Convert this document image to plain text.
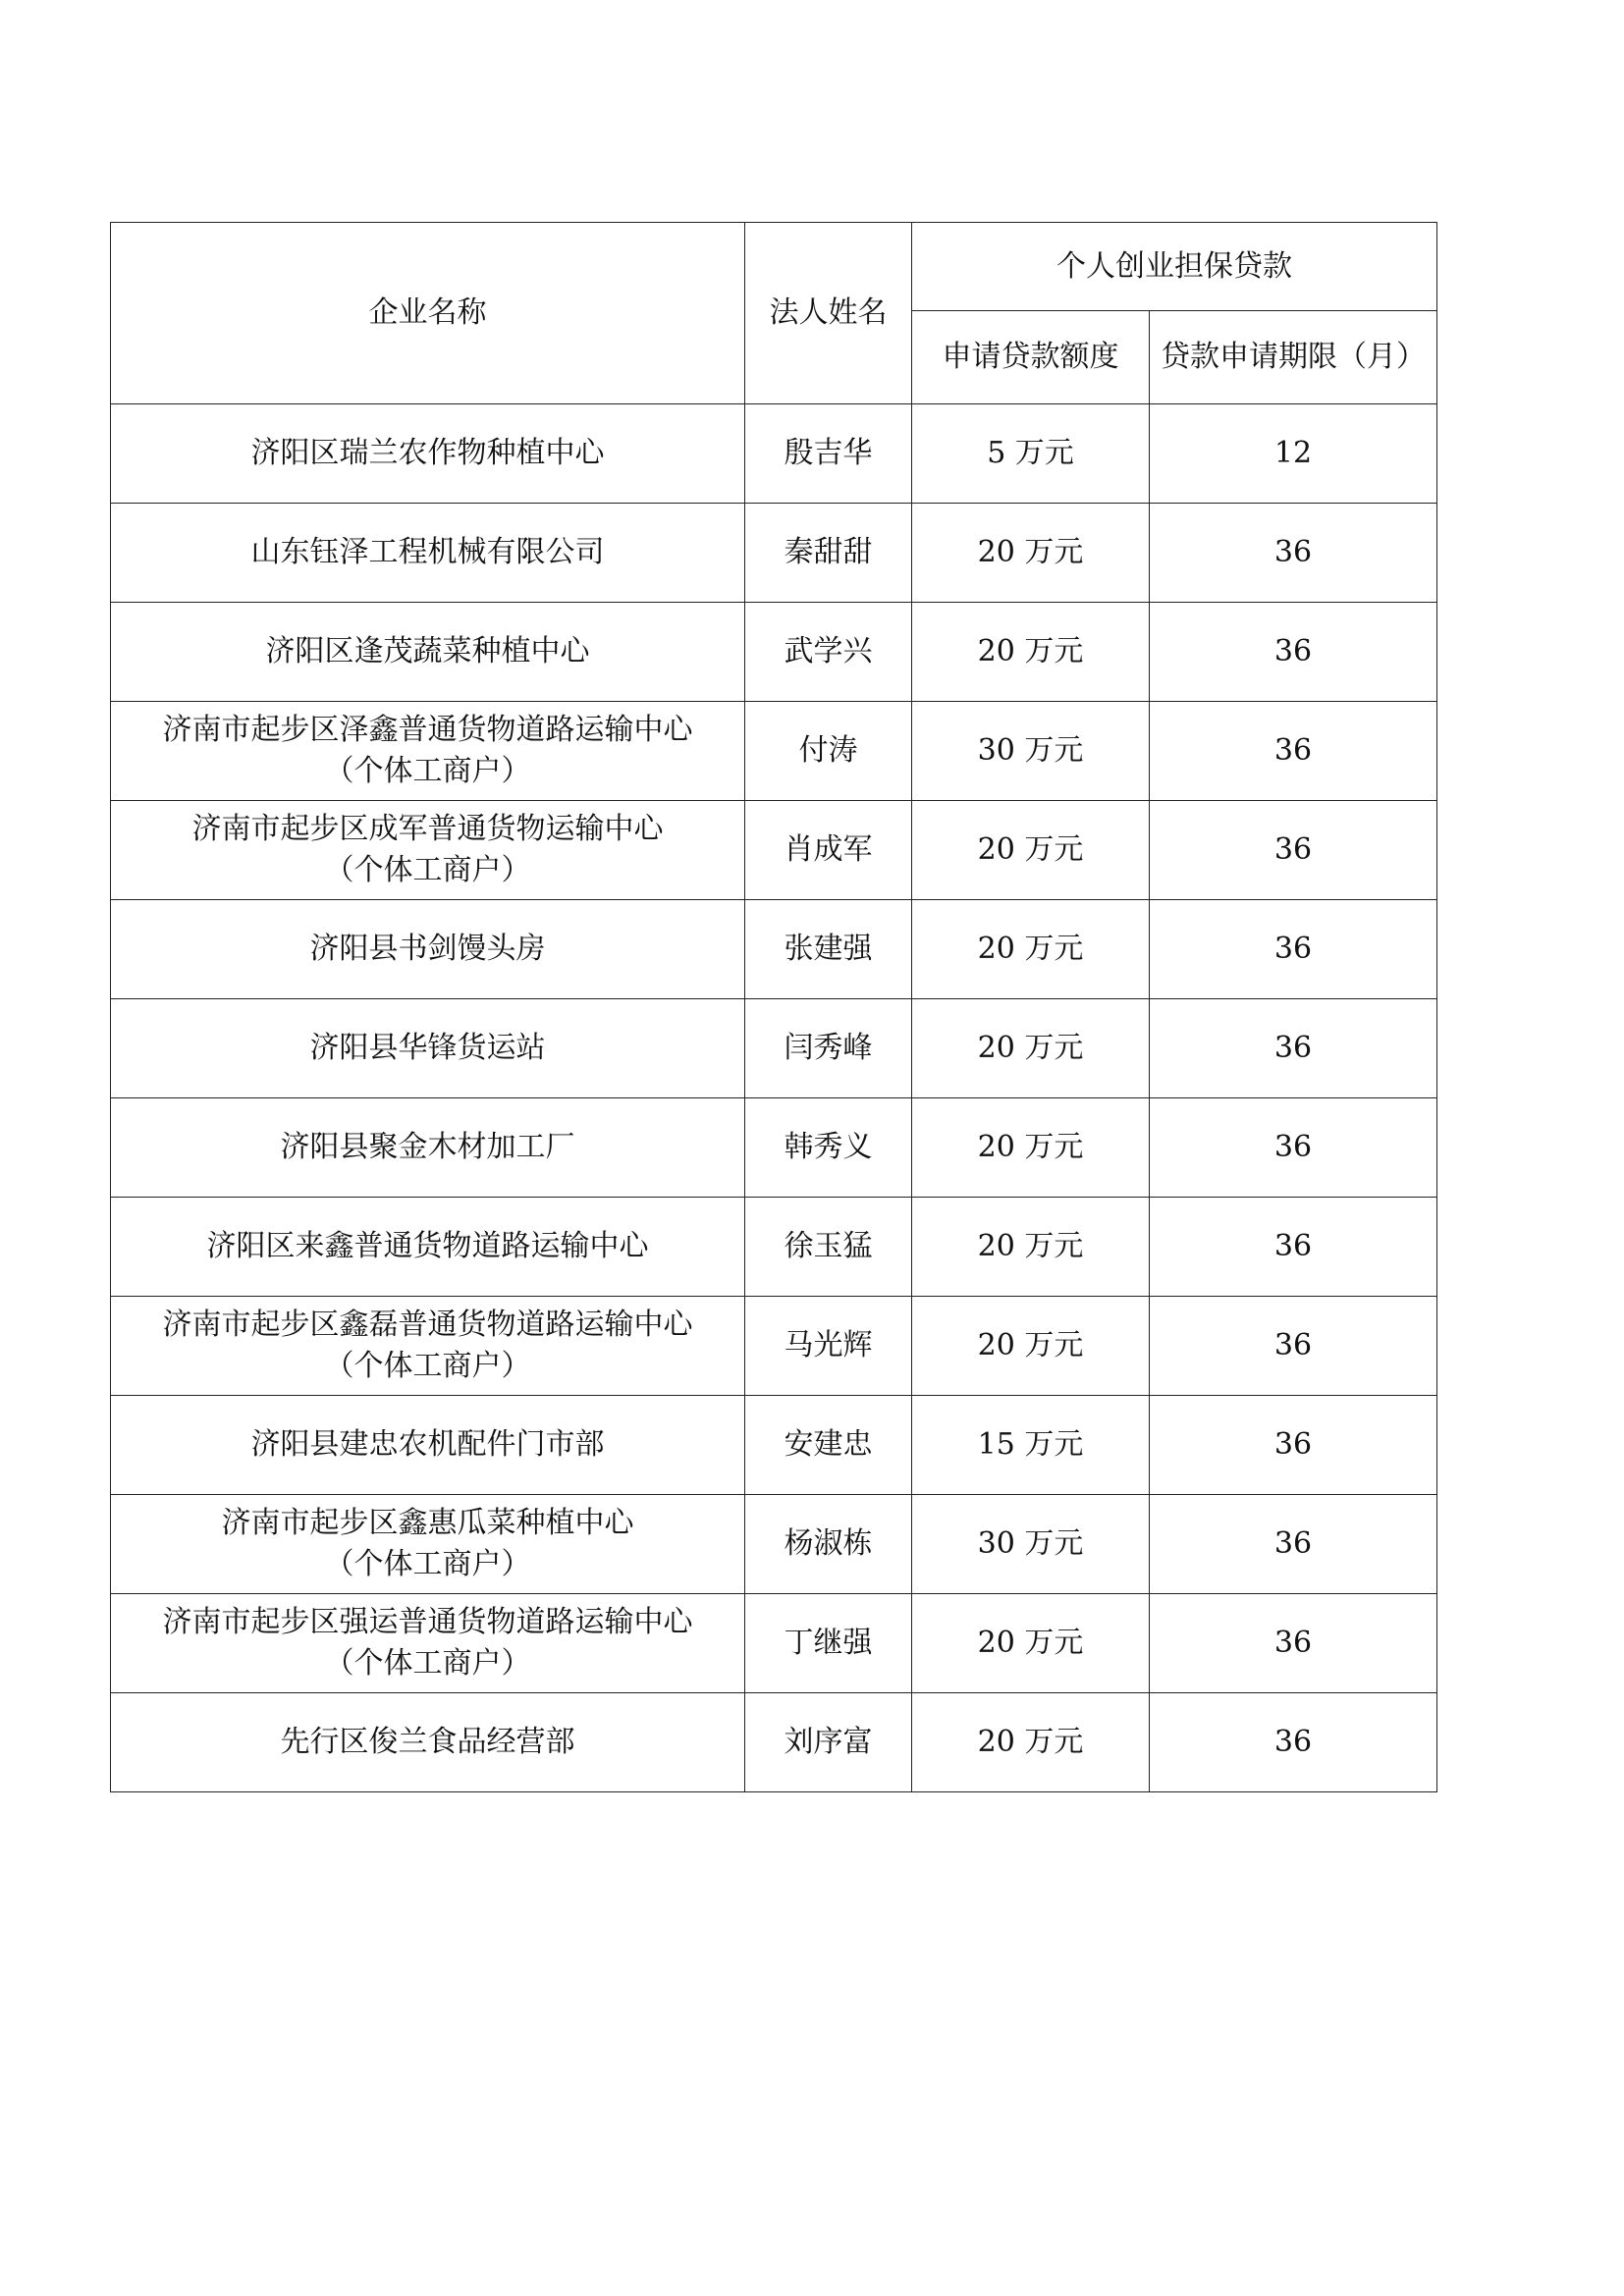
企业名称	法人姓名	个人创业担保贷款	
		申请贷款额度	贷款申请期限（月）

济阳区瑞兰农作物种植中心	殷吉华	5 万元	12

山东钰泽工程机械有限公司	秦甜甜	20 万元	36

济阳区逢茂蔬菜种植中心	武学兴	20 万元	36

济南市起步区泽鑫普通货物道路运输中心
（个体工商户）	付涛	30 万元	36

济南市起步区成军普通货物运输中心
（个体工商户）	肖成军	20 万元	36

济阳县书剑馒头房	张建强	20 万元	36

济阳县华锋货运站	闫秀峰	20 万元	36

济阳县聚金木材加工厂	韩秀义	20 万元	36

济阳区来鑫普通货物道路运输中心	徐玉猛	20 万元	36

济南市起步区鑫磊普通货物道路运输中心
（个体工商户）	马光辉	20 万元	36

济阳县建忠农机配件门市部	安建忠	15 万元	36

济南市起步区鑫惠瓜菜种植中心
（个体工商户）	杨淑栋	30 万元	36

济南市起步区强运普通货物道路运输中心
（个体工商户）	丁继强	20 万元	36

先行区俊兰食品经营部	刘序富	20 万元	36
